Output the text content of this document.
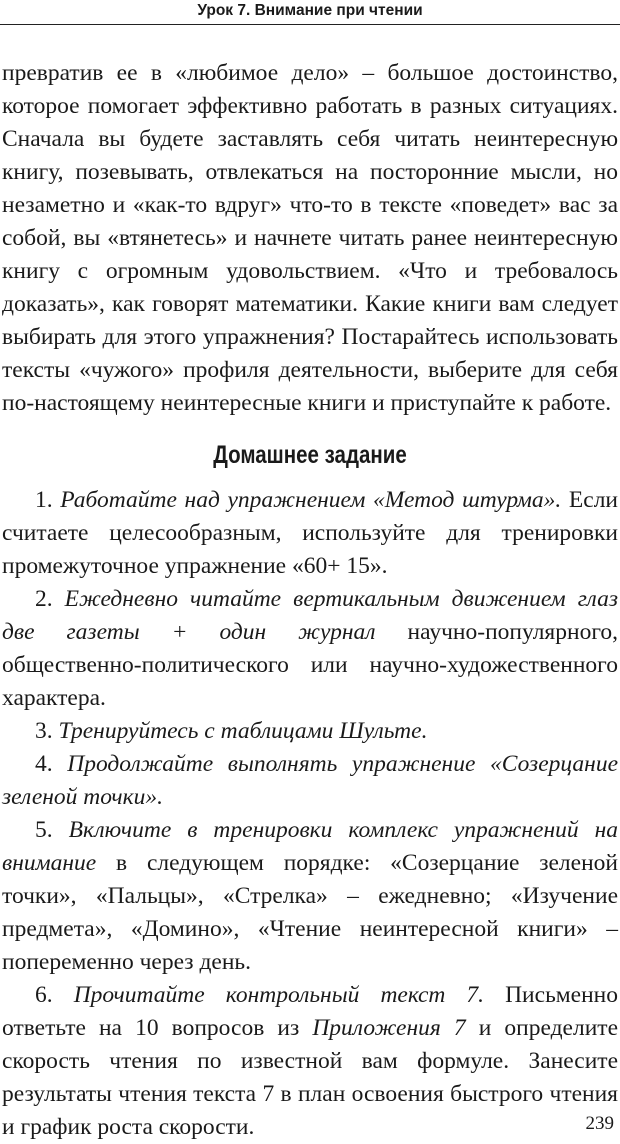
Урок 7. Внимание при чтении

превратив ее в «любимое дело» – большое достоинство, которое помогает эффективно работать в разных ситуациях. Сначала вы будете заставлять себя читать неинтересную книгу, позевывать, отвлекаться на посторонние мысли, но незаметно и «как-то вдруг» что-то в тексте «поведет» вас за собой, вы «втянетесь» и начнете читать ранее неинтересную книгу с огромным удовольствием. «Что и требовалось доказать», как говорят математики. Какие книги вам следует выбирать для этого упражнения? Постарайтесь использовать тексты «чужого» профиля деятельности, выберите для себя по-настоящему неинтересные книги и приступайте к работе.

Домашнее задание

1. Работайте над упражнением «Метод штурма». Если считаете целесообразным, используйте для тренировки промежуточное упражнение «60+ 15».

2. Ежедневно читайте вертикальным движением глаз две газеты + один журнал научно-популярного, общественно-политического или научно-художественного характера.

3. Тренируйтесь с таблицами Шульте.

4. Продолжайте выполнять упражнение «Созерцание зеленой точки».

5. Включите в тренировки комплекс упражнений на внимание в следующем порядке: «Созерцание зеленой точки», «Пальцы», «Стрелка» – ежедневно; «Изучение предмета», «Домино», «Чтение неинтересной книги» – попеременно через день.

6. Прочитайте контрольный текст 7. Письменно ответьте на 10 вопросов из Приложения 7 и определите скорость чтения по известной вам формуле. Занесите результаты чтения текста 7 в план освоения быстрого чтения и график роста скорости.	239
